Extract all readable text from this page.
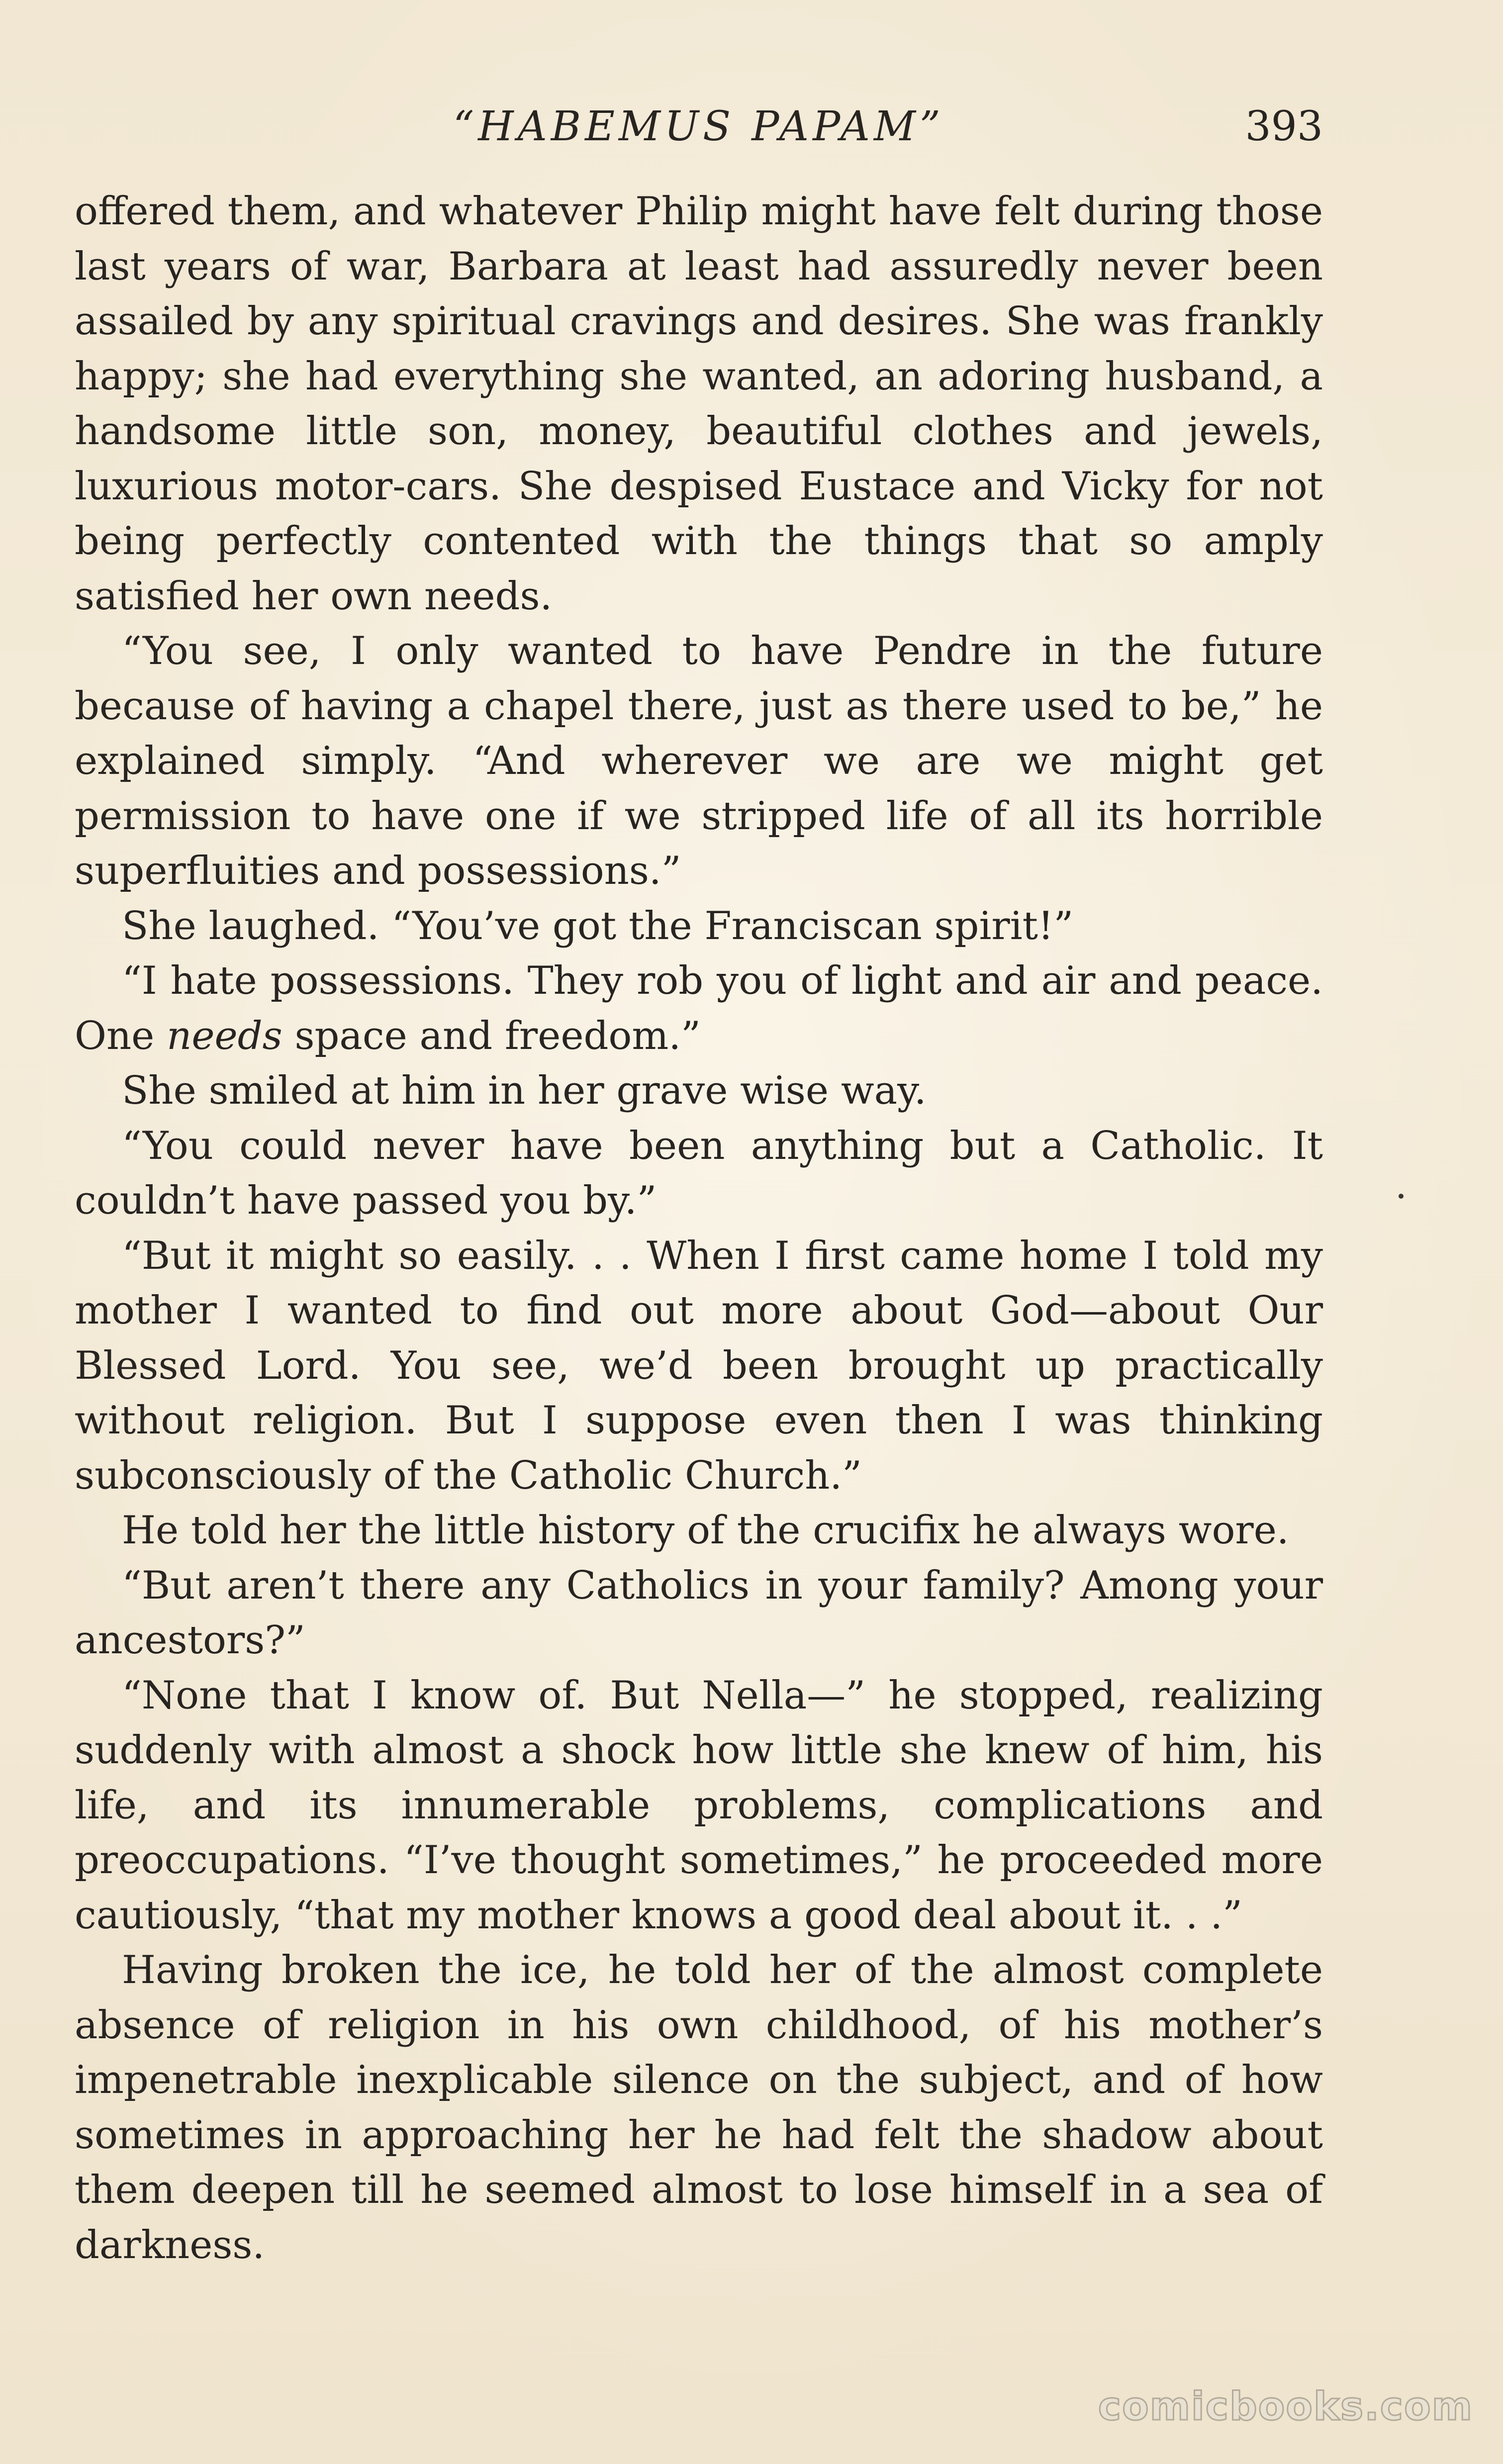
“HABEMUS PAPAM”	393

offered them, and whatever Philip might have felt during those last years of war, Barbara at least had assuredly never been assailed by any spiritual cravings and desires. She was frankly happy; she had everything she wanted, an adoring husband, a handsome little son, money, beautiful clothes and jewels, luxurious motor-cars. She despised Eustace and Vicky for not being perfectly contented with the things that so amply satisfied her own needs.

“You see, I only wanted to have Pendre in the future because of having a chapel there, just as there used to be,” he explained simply. “And wherever we are we might get permission to have one if we stripped life of all its horrible superfluities and possessions.”

She laughed. “You’ve got the Franciscan spirit!”

“I hate possessions. They rob you of light and air and peace. One needs space and freedom.”

She smiled at him in her grave wise way.

“You could never have been anything but a Catholic. It couldn’t have passed you by.”

“But it might so easily. . . When I first came home I told my mother I wanted to find out more about God—about Our Blessed Lord. You see, we’d been brought up practically without religion. But I suppose even then I was thinking subconsciously of the Catholic Church.”

He told her the little history of the crucifix he always wore.

“But aren’t there any Catholics in your family? Among your ancestors?”

“None that I know of. But Nella—” he stopped, realizing suddenly with almost a shock how little she knew of him, his life, and its innumerable problems, complications and preoccupations. “I’ve thought sometimes,” he proceeded more cautiously, “that my mother knows a good deal about it. . .”

Having broken the ice, he told her of the almost complete absence of religion in his own childhood, of his mother’s impenetrable inexplicable silence on the subject, and of how sometimes in approaching her he had felt the shadow about them deepen till he seemed almost to lose himself in a sea of darkness.

comicbooks.com
